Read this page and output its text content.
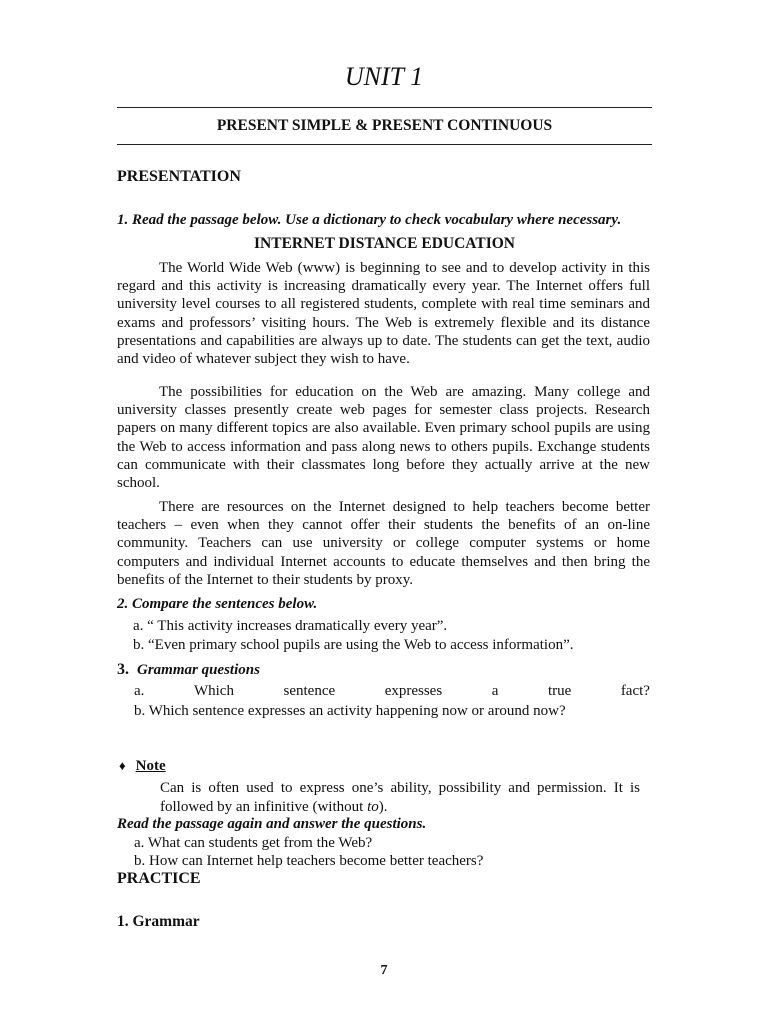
UNIT 1
PRESENT SIMPLE & PRESENT CONTINUOUS
PRESENTATION
1. Read the passage below. Use a dictionary to check vocabulary where necessary.
INTERNET DISTANCE EDUCATION

The World Wide Web (www) is beginning to see and to develop activity in this regard and this activity is increasing dramatically every year. The Internet offers full university level courses to all registered students, complete with real time seminars and exams and professors’ visiting hours. The Web is extremely flexible and its distance presentations and capabilities are always up to date. The students can get the text, audio and video of whatever subject they wish to have.

The possibilities for education on the Web are amazing. Many college and university classes presently create web pages for semester class projects. Research papers on many different topics are also available. Even primary school pupils are using the Web to access information and pass along news to others pupils. Exchange students can communicate with their classmates long before they actually arrive at the new school.

There are resources on the Internet designed to help teachers become better teachers – even when they cannot offer their students the benefits of an on-line community. Teachers can use university or college computer systems or home computers and individual Internet accounts to educate themselves and then bring the benefits of the Internet to their students by proxy.

2. Compare the sentences below.
a. “ This activity increases dramatically every year”.
b. “Even primary school pupils are using the Web to access information”.
3. Grammar questions
a.	Which	sentence	expresses	a	true	fact?
b. Which sentence expresses an activity happening now or around now?
♦ Note
Can is often used to express one’s ability, possibility and permission. It is followed by an infinitive (without to).
Read the passage again and answer the questions.
a. What can students get from the Web?
b. How can Internet help teachers become better teachers?
PRACTICE
1. Grammar
7
